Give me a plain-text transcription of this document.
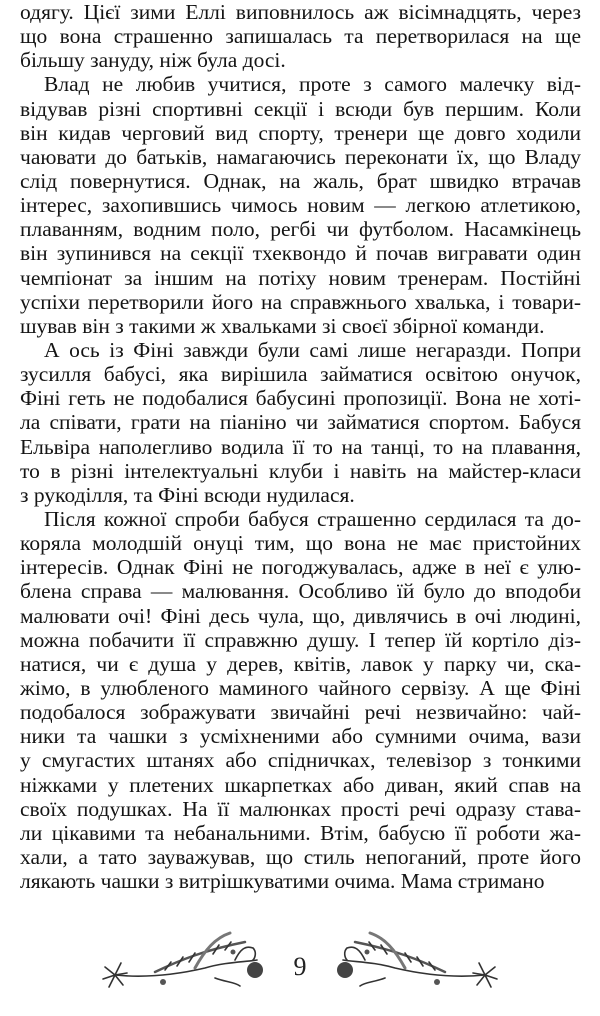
одягу. Цієї зими Еллі виповнилось аж вісімнадцять, через
що вона страшенно запишалась та перетворилася на ще
більшу зануду, ніж була досі.
Влад не любив учитися, проте з самого малечку від-
відував різні спортивні секції і всюди був першим. Коли
він кидав черговий вид спорту, тренери ще довго ходили
чаювати до батьків, намагаючись переконати їх, що Владу
слід повернутися. Однак, на жаль, брат швидко втрачав
інтерес, захопившись чимось новим — легкою атлетикою,
плаванням, водним поло, регбі чи футболом. Насамкінець
він зупинився на секції тхеквондо й почав вигравати один
чемпіонат за іншим на потіху новим тренерам. Постійні
успіхи перетворили його на справжнього хвалька, і товари-
шував він з такими ж хвальками зі своєї збірної команди.
А ось із Фіні завжди були самі лише негаразди. Попри
зусилля бабусі, яка вирішила займатися освітою онучок,
Фіні геть не подобалися бабусині пропозиції. Вона не хоті-
ла співати, грати на піаніно чи займатися спортом. Бабуся
Ельвіра наполегливо водила її то на танці, то на плавання,
то в різні інтелектуальні клуби і навіть на майстер-класи
з рукоділля, та Фіні всюди нудилася.
Після кожної спроби бабуся страшенно сердилася та до-
коряла молодшій онуці тим, що вона не має пристойних
інтересів. Однак Фіні не погоджувалась, адже в неї є улю-
блена справа — малювання. Особливо їй було до вподоби
малювати очі! Фіні десь чула, що, дивлячись в очі людині,
можна побачити її справжню душу. І тепер їй кортіло діз-
натися, чи є душа у дерев, квітів, лавок у парку чи, ска-
жімо, в улюбленого маминого чайного сервізу. А ще Фіні
подобалося зображувати звичайні речі незвичайно: чай-
ники та чашки з усміхненими або сумними очима, вази
у смугастих штанях або спідничках, телевізор з тонкими
ніжками у плетених шкарпетках або диван, який спав на
своїх подушках. На її малюнках прості речі одразу става-
ли цікавими та небанальними. Втім, бабусю її роботи жа-
хали, а тато зауважував, що стиль непоганий, проте його
лякають чашки з витрішкуватими очима. Мама стримано
9
